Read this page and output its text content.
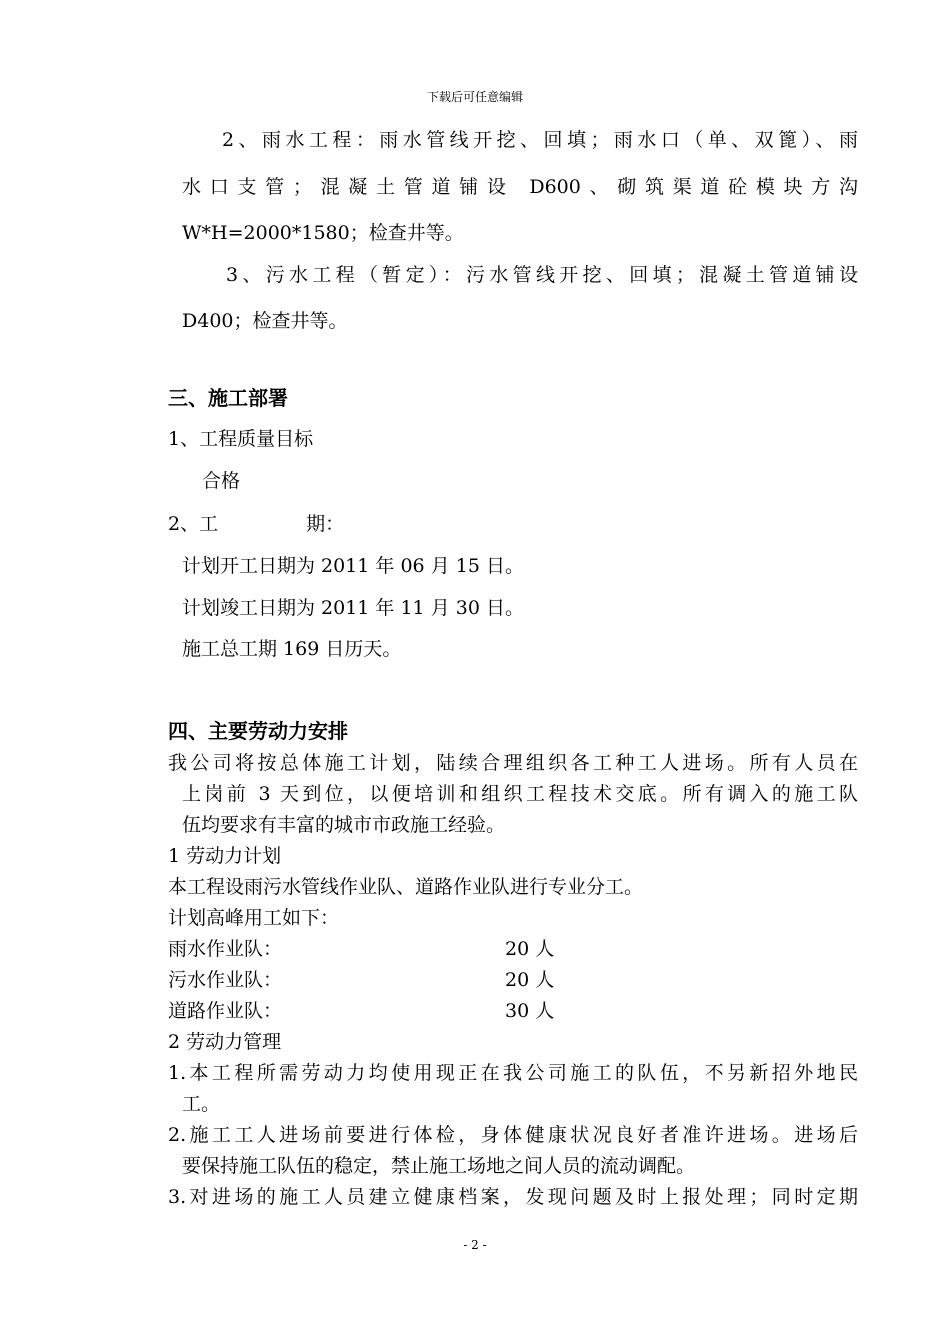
下载后可任意编辑
2、雨水工程：雨水管线开挖、回填；雨水口（单、双篦）、雨
水口支管；混凝土管道铺设 D600、砌筑渠道砼模块方沟
W*H=2000*1580；检查井等。
3、污水工程（暂定）：污水管线开挖、回填；混凝土管道铺设
D400；检查井等。
三、施工部署
1、工程质量目标
合格
2、工	期：
计划开工日期为 2011 年 06 月 15 日。
计划竣工日期为 2011 年 11 月 30 日。
施工总工期 169 日历天。
四、主要劳动力安排
我公司将按总体施工计划，陆续合理组织各工种工人进场。所有人员在
上岗前 3 天到位，以便培训和组织工程技术交底。所有调入的施工队
伍均要求有丰富的城市市政施工经验。
1 劳动力计划
本工程设雨污水管线作业队、道路作业队进行专业分工。
计划高峰用工如下：
雨水作业队：	20 人
污水作业队：	20 人
道路作业队：	30 人
2 劳动力管理
1.本工程所需劳动力均使用现正在我公司施工的队伍，不另新招外地民
工。
2.施工工人进场前要进行体检，身体健康状况良好者准许进场。进场后
要保持施工队伍的稳定，禁止施工场地之间人员的流动调配。
3.对进场的施工人员建立健康档案，发现问题及时上报处理；同时定期
- 2 -
